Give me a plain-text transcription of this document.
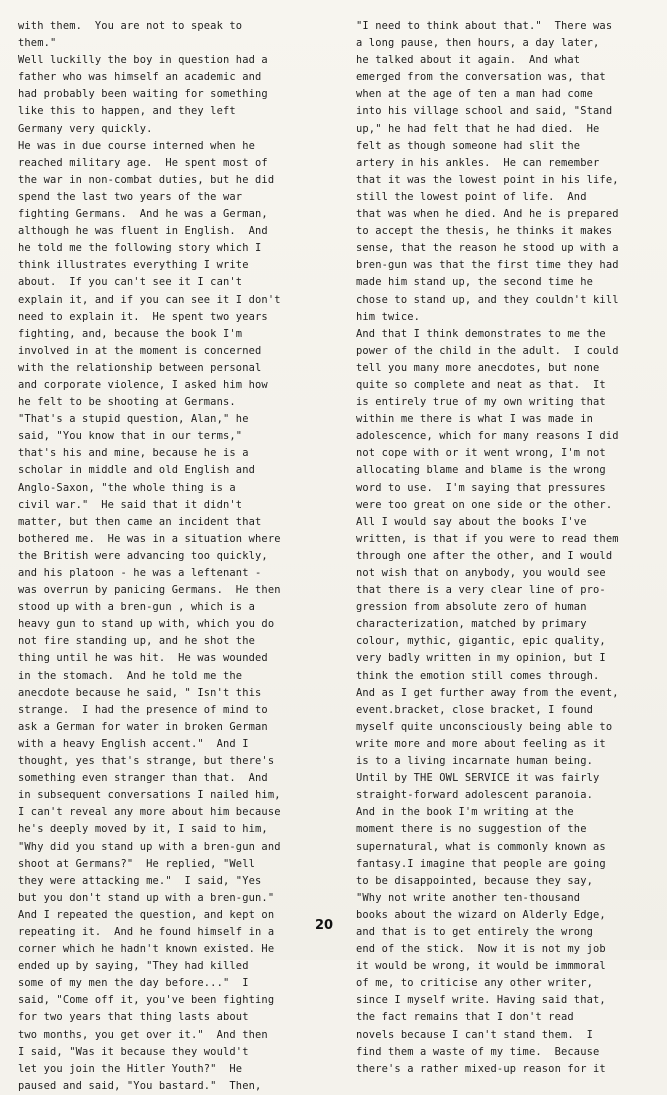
with them.  You are not to speak to
them."
Well luckilly the boy in question had a
father who was himself an academic and
had probably been waiting for something
like this to happen, and they left
Germany very quickly.
He was in due course interned when he
reached military age.  He spent most of
the war in non-combat duties, but he did
spend the last two years of the war
fighting Germans.  And he was a German,
although he was fluent in English.  And
he told me the following story which I
think illustrates everything I write
about.  If you can't see it I can't
explain it, and if you can see it I don't
need to explain it.  He spent two years
fighting, and, because the book I'm
involved in at the moment is concerned
with the relationship between personal
and corporate violence, I asked him how
he felt to be shooting at Germans.
"That's a stupid question, Alan," he
said, "You know that in our terms,"
that's his and mine, because he is a
scholar in middle and old English and
Anglo-Saxon, "the whole thing is a
civil war."  He said that it didn't
matter, but then came an incident that
bothered me.  He was in a situation where
the British were advancing too quickly,
and his platoon - he was a leftenant -
was overrun by panicing Germans.  He then
stood up with a bren-gun , which is a
heavy gun to stand up with, which you do
not fire standing up, and he shot the
thing until he was hit.  He was wounded
in the stomach.  And he told me the
anecdote because he said, " Isn't this
strange.  I had the presence of mind to
ask a German for water in broken German
with a heavy English accent."  And I
thought, yes that's strange, but there's
something even stranger than that.  And
in subsequent conversations I nailed him,
I can't reveal any more about him because
he's deeply moved by it, I said to him,
"Why did you stand up with a bren-gun and
shoot at Germans?"  He replied, "Well
they were attacking me."  I said, "Yes
but you don't stand up with a bren-gun."
And I repeated the question, and kept on
repeating it.  And he found himself in a
corner which he hadn't known existed. He
ended up by saying, "They had killed
some of my men the day before..."  I
said, "Come off it, you've been fighting
for two years that thing lasts about
two months, you get over it."  And then
I said, "Was it because they would't
let you join the Hitler Youth?"  He
paused and said, "You bastard."  Then,
"I need to think about that."  There was
a long pause, then hours, a day later,
he talked about it again.  And what
emerged from the conversation was, that
when at the age of ten a man had come
into his village school and said, "Stand
up," he had felt that he had died.  He
felt as though someone had slit the
artery in his ankles.  He can remember
that it was the lowest point in his life,
still the lowest point of life.  And
that was when he died. And he is prepared
to accept the thesis, he thinks it makes
sense, that the reason he stood up with a
bren-gun was that the first time they had
made him stand up, the second time he
chose to stand up, and they couldn't kill
him twice.
And that I think demonstrates to me the
power of the child in the adult.  I could
tell you many more anecdotes, but none
quite so complete and neat as that.  It
is entirely true of my own writing that
within me there is what I was made in
adolescence, which for many reasons I did
not cope with or it went wrong, I'm not
allocating blame and blame is the wrong
word to use.  I'm saying that pressures
were too great on one side or the other.
All I would say about the books I've
written, is that if you were to read them
through one after the other, and I would
not wish that on anybody, you would see
that there is a very clear line of pro-
gression from absolute zero of human
characterization, matched by primary
colour, mythic, gigantic, epic quality,
very badly written in my opinion, but I
think the emotion still comes through.
And as I get further away from the event,
event.bracket, close bracket, I found
myself quite unconsciously being able to
write more and more about feeling as it
is to a living incarnate human being.
Until by THE OWL SERVICE it was fairly
straight-forward adolescent paranoia.
And in the book I'm writing at the
moment there is no suggestion of the
supernatural, what is commonly known as
fantasy.I imagine that people are going
to be disappointed, because they say,
"Why not write another ten-thousand
books about the wizard on Alderly Edge,
and that is to get entirely the wrong
end of the stick.  Now it is not my job
it would be wrong, it would be immmoral
of me, to criticise any other writer,
since I myself write. Having said that,
the fact remains that I don't read
novels because I can't stand them.  I
find them a waste of my time.  Because
there's a rather mixed-up reason for it
20
